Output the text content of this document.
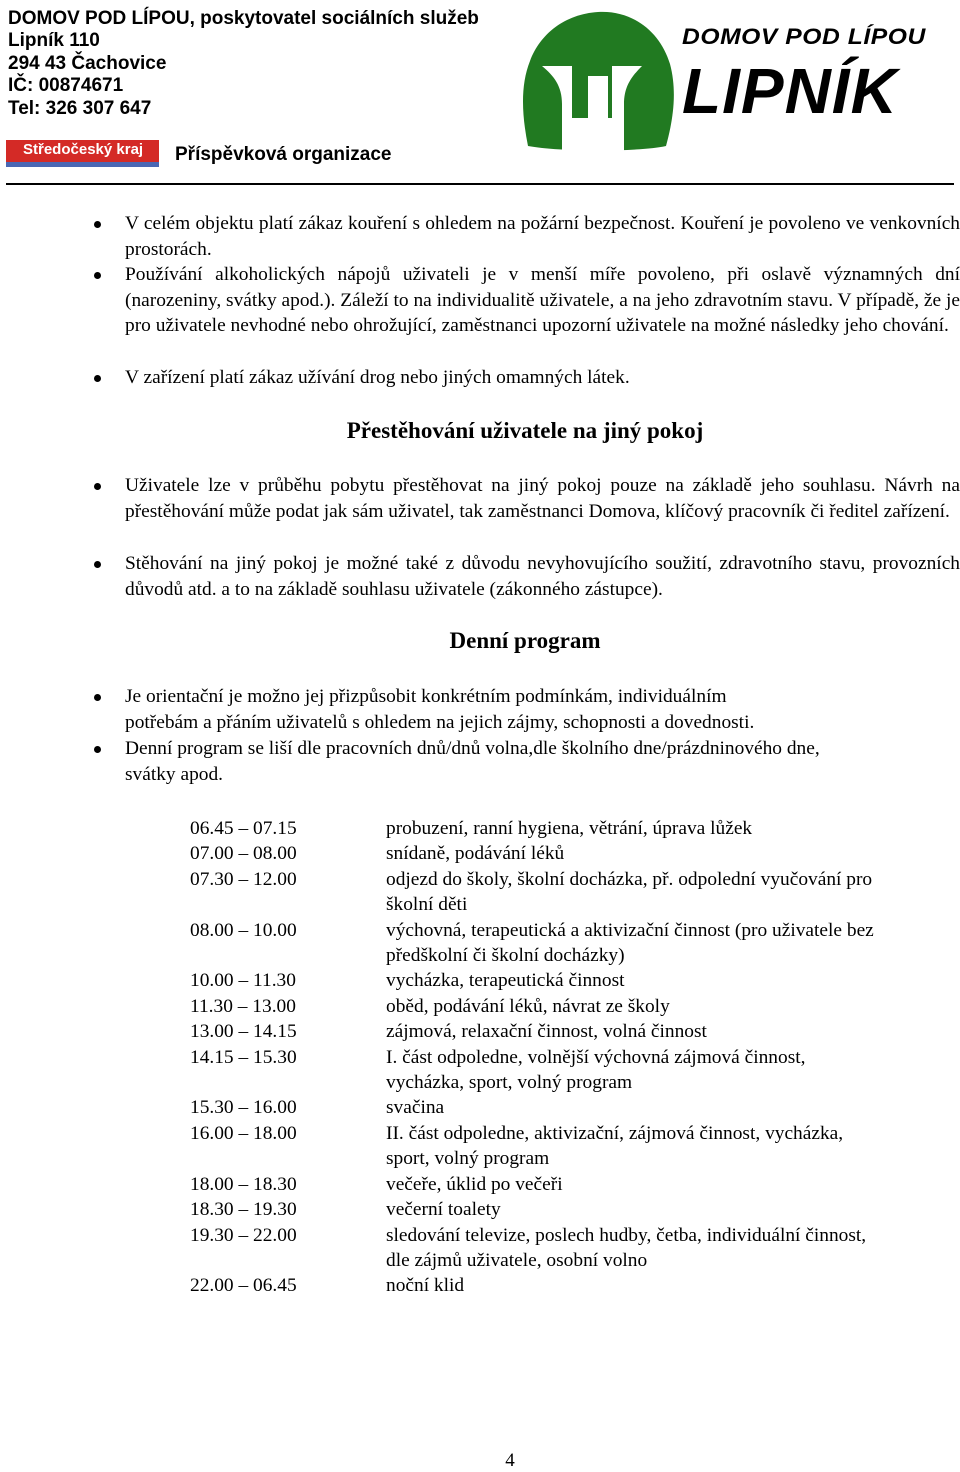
DOMOV POD LÍPOU, poskytovatel sociálních služeb
Lipník 110
294 43 Čachovice
IČ: 00874671
Tel: 326 307 647
Středočeský kraj Příspěvková organizace
DOMOV POD LÍPOU
LIPNÍK
V celém objektu platí zákaz kouření s ohledem na požární bezpečnost. Kouření je povoleno ve venkovních prostorách.
Používání alkoholických nápojů uživateli je v menší míře povoleno, při oslavě významných dní (narozeniny, svátky apod.). Záleží to na individualitě uživatele, a na jeho zdravotním stavu. V případě, že je pro uživatele nevhodné nebo ohrožující, zaměstnanci upozorní uživatele na možné následky jeho chování.
V zařízení platí zákaz užívání drog nebo jiných omamných látek.
Přestěhování uživatele na jiný pokoj
Uživatele lze v průběhu pobytu přestěhovat na jiný pokoj pouze na základě jeho souhlasu. Návrh na přestěhování může podat jak sám uživatel, tak zaměstnanci Domova, klíčový pracovník či ředitel zařízení.
Stěhování na jiný pokoj je možné také z důvodu nevyhovujícího soužití, zdravotního stavu, provozních důvodů atd. a to na základě souhlasu uživatele (zákonného zástupce).
Denní program
Je orientační je možno jej přizpůsobit konkrétním podmínkám, individuálním
potřebám a přáním uživatelů s ohledem na jejich zájmy, schopnosti a dovednosti.
Denní program se liší dle pracovních dnů/dnů volna,dle školního dne/prázdninového dne,
svátky apod.
06.45 – 07.15	probuzení, ranní hygiena, větrání, úprava lůžek
07.00 – 08.00	snídaně, podávání léků
07.30 – 12.00	odjezd do školy, školní docházka, př. odpolední vyučování pro školní děti
08.00 – 10.00	výchovná, terapeutická a aktivizační činnost (pro uživatele bez předškolní či školní docházky)
10.00 – 11.30	vycházka, terapeutická činnost
11.30 – 13.00	oběd, podávání léků, návrat ze školy
13.00 – 14.15	zájmová, relaxační činnost, volná činnost
14.15 – 15.30	I. část odpoledne, volnější výchovná zájmová činnost, vycházka, sport, volný program
15.30 – 16.00	svačina
16.00 – 18.00	II. část odpoledne, aktivizační, zájmová činnost, vycházka, sport, volný program
18.00 – 18.30	večeře, úklid po večeři
18.30 – 19.30	večerní toalety
19.30 – 22.00	sledování televize, poslech hudby, četba, individuální činnost, dle zájmů uživatele, osobní volno
22.00 – 06.45	noční klid
4
